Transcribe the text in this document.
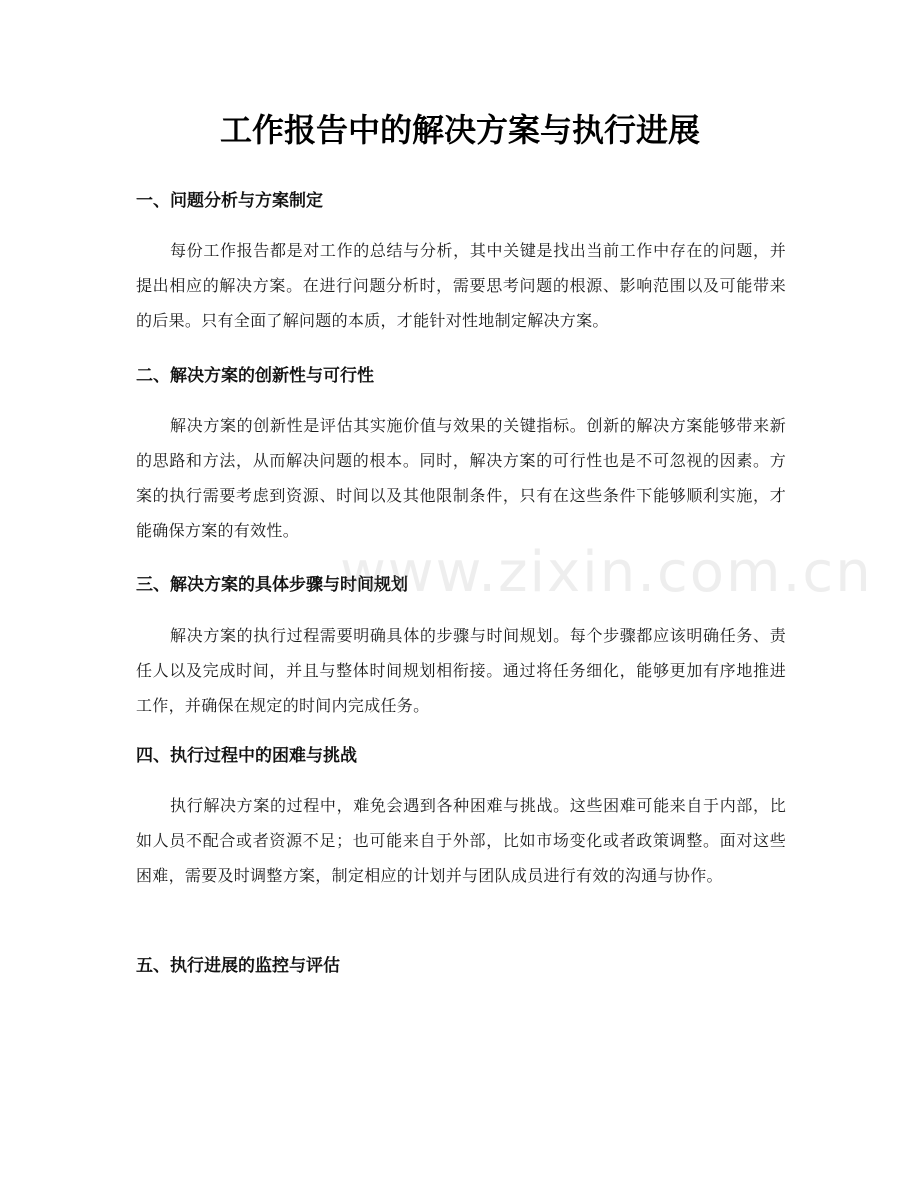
工作报告中的解决方案与执行进展
一、问题分析与方案制定

每份工作报告都是对工作的总结与分析，其中关键是找出当前工作中存在的问题，并提出相应的解决方案。在进行问题分析时，需要思考问题的根源、影响范围以及可能带来的后果。只有全面了解问题的本质，才能针对性地制定解决方案。

二、解决方案的创新性与可行性

解决方案的创新性是评估其实施价值与效果的关键指标。创新的解决方案能够带来新的思路和方法，从而解决问题的根本。同时，解决方案的可行性也是不可忽视的因素。方案的执行需要考虑到资源、时间以及其他限制条件，只有在这些条件下能够顺利实施，才能确保方案的有效性。

三、解决方案的具体步骤与时间规划

解决方案的执行过程需要明确具体的步骤与时间规划。每个步骤都应该明确任务、责任人以及完成时间，并且与整体时间规划相衔接。通过将任务细化，能够更加有序地推进工作，并确保在规定的时间内完成任务。

四、执行过程中的困难与挑战

执行解决方案的过程中，难免会遇到各种困难与挑战。这些困难可能来自于内部，比如人员不配合或者资源不足；也可能来自于外部，比如市场变化或者政策调整。面对这些困难，需要及时调整方案，制定相应的计划并与团队成员进行有效的沟通与协作。

五、执行进展的监控与评估
www.zixin.com.cn
